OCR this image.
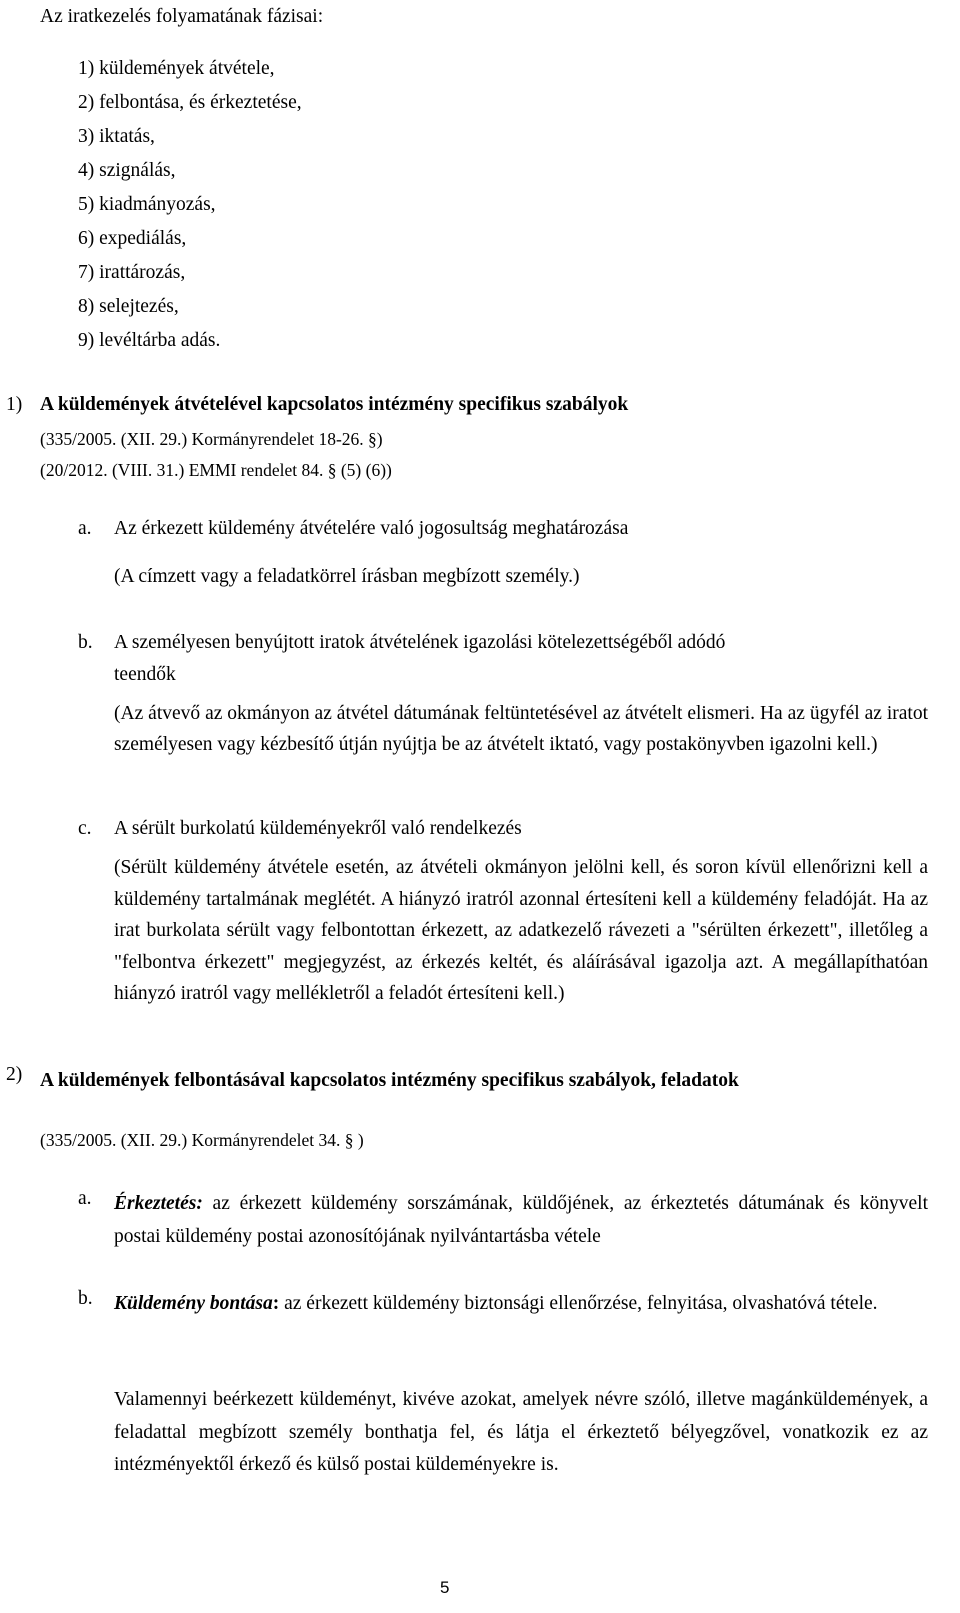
Az iratkezelés folyamatának fázisai:
1) küldemények átvétele,
2) felbontása, és érkeztetése,
3) iktatás,
4) szignálás,
5) kiadmányozás,
6) expediálás,
7) irattározás,
8) selejtezés,
9) levéltárba adás.
1) A küldemények átvételével kapcsolatos intézmény specifikus szabályok
(335/2005. (XII. 29.) Kormányrendelet 18-26. §)
(20/2012. (VIII. 31.) EMMI rendelet 84. § (5) (6))
a. Az érkezett küldemény átvételére való jogosultság meghatározása
(A címzett vagy a feladatkörrel írásban megbízott személy.)
b. A személyesen benyújtott iratok átvételének igazolási kötelezettségéből adódó
teendők
(Az átvevő az okmányon az átvétel dátumának feltüntetésével az átvételt elismeri. Ha az ügyfél az iratot személyesen vagy kézbesítő útján nyújtja be az átvételt iktató, vagy postakönyvben igazolni kell.)
c. A sérült burkolatú küldeményekről való rendelkezés
(Sérült küldemény átvétele esetén, az átvételi okmányon jelölni kell, és soron kívül ellenőrizni kell a küldemény tartalmának meglétét. A hiányzó iratról azonnal értesíteni kell a küldemény feladóját. Ha az irat burkolata sérült vagy felbontottan érkezett, az adatkezelő rávezeti a "sérülten érkezett", illetőleg a "felbontva érkezett" megjegyzést, az érkezés keltét, és aláírásával igazolja azt. A megállapíthatóan hiányzó iratról vagy mellékletről a feladót értesíteni kell.)
2) A küldemények felbontásával kapcsolatos intézmény specifikus szabályok, feladatok
(335/2005. (XII. 29.) Kormányrendelet 34. § )
a. Érkeztetés: az érkezett küldemény sorszámának, küldőjének, az érkeztetés dátumának és könyvelt postai küldemény postai azonosítójának nyilvántartásba vétele
b. Küldemény bontása: az érkezett küldemény biztonsági ellenőrzése, felnyitása, olvashatóvá tétele.
Valamennyi beérkezett küldeményt, kivéve azokat, amelyek névre szóló, illetve magánküldemények, a feladattal megbízott személy bonthatja fel, és látja el érkeztető bélyegzővel, vonatkozik ez az intézményektől érkező és külső postai küldeményekre is.
5
